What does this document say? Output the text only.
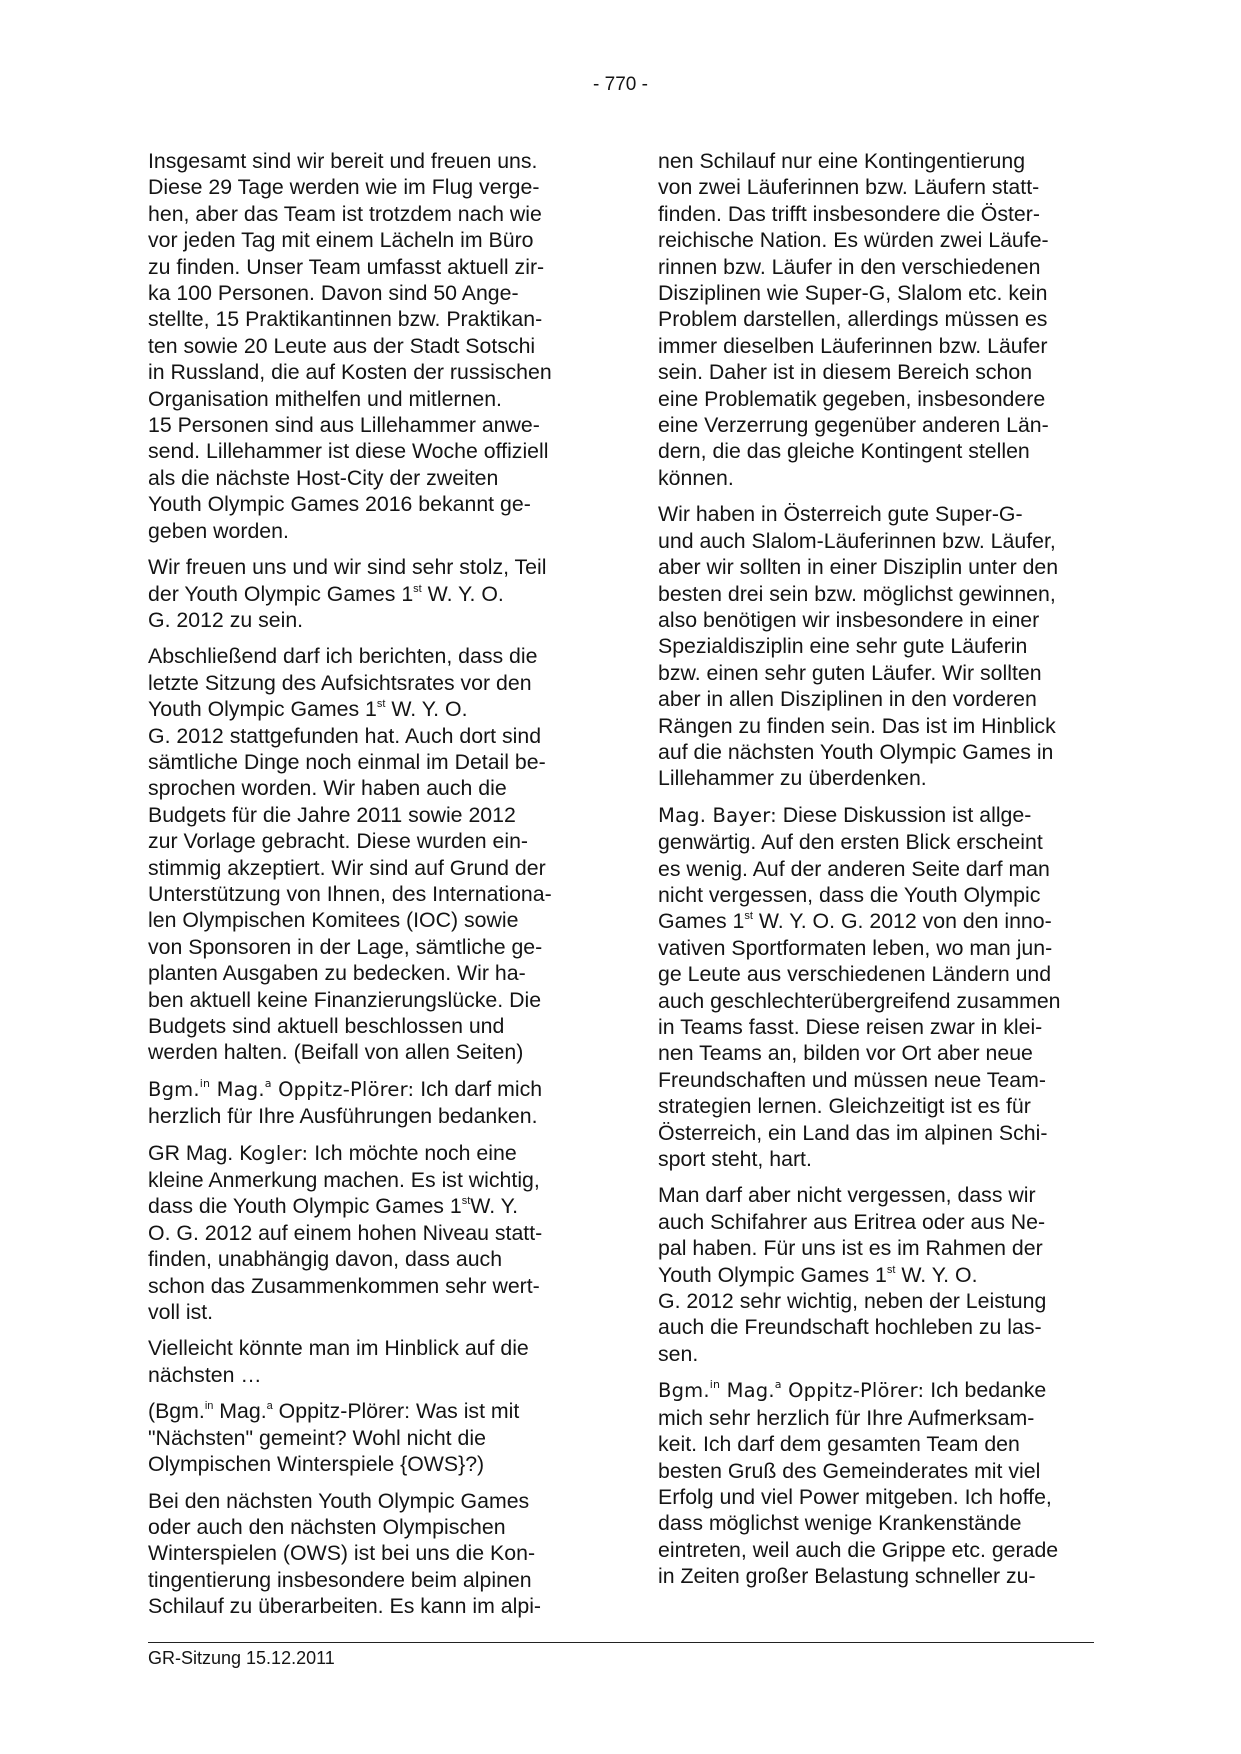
- 770 -

Insgesamt sind wir bereit und freuen uns.
Diese 29 Tage werden wie im Flug verge-
hen, aber das Team ist trotzdem nach wie
vor jeden Tag mit einem Lächeln im Büro
zu finden. Unser Team umfasst aktuell zir-
ka 100 Personen. Davon sind 50 Ange-
stellte, 15 Praktikantinnen bzw. Praktikan-
ten sowie 20 Leute aus der Stadt Sotschi
in Russland, die auf Kosten der russischen
Organisation mithelfen und mitlernen.
15 Personen sind aus Lillehammer anwe-
send. Lillehammer ist diese Woche offiziell
als die nächste Host-City der zweiten
Youth Olympic Games 2016 bekannt ge-
geben worden.

Wir freuen uns und wir sind sehr stolz, Teil
der Youth Olympic Games 1st W. Y. O.
G. 2012 zu sein.

Abschließend darf ich berichten, dass die
letzte Sitzung des Aufsichtsrates vor den
Youth Olympic Games 1st W. Y. O.
G. 2012 stattgefunden hat. Auch dort sind
sämtliche Dinge noch einmal im Detail be-
sprochen worden. Wir haben auch die
Budgets für die Jahre 2011 sowie 2012
zur Vorlage gebracht. Diese wurden ein-
stimmig akzeptiert. Wir sind auf Grund der
Unterstützung von Ihnen, des Internationa-
len Olympischen Komitees (IOC) sowie
von Sponsoren in der Lage, sämtliche ge-
planten Ausgaben zu bedecken. Wir ha-
ben aktuell keine Finanzierungslücke. Die
Budgets sind aktuell beschlossen und
werden halten. (Beifall von allen Seiten)

Bgm.$^{in}$ Mag.$^a$ Oppitz-Plörer: Ich darf mich
herzlich für Ihre Ausführungen bedanken.

GR Mag. Kogler: Ich möchte noch eine
kleine Anmerkung machen. Es ist wichtig,
dass die Youth Olympic Games 1stW. Y.
O. G. 2012 auf einem hohen Niveau statt-
finden, unabhängig davon, dass auch
schon das Zusammenkommen sehr wert-
voll ist.

Vielleicht könnte man im Hinblick auf die
nächsten …

(Bgm.$^{in}$ Mag.$^a$ Oppitz-Plörer: Was ist mit
"Nächsten" gemeint? Wohl nicht die
Olympischen Winterspiele {OWS}?)

Bei den nächsten Youth Olympic Games
oder auch den nächsten Olympischen
Winterspielen (OWS) ist bei uns die Kon-
tingentierung insbesondere beim alpinen
Schilauf zu überarbeiten. Es kann im alpi-

nen Schilauf nur eine Kontingentierung
von zwei Läuferinnen bzw. Läufern statt-
finden. Das trifft insbesondere die Öster-
reichische Nation. Es würden zwei Läufe-
rinnen bzw. Läufer in den verschiedenen
Disziplinen wie Super-G, Slalom etc. kein
Problem darstellen, allerdings müssen es
immer dieselben Läuferinnen bzw. Läufer
sein. Daher ist in diesem Bereich schon
eine Problematik gegeben, insbesondere
eine Verzerrung gegenüber anderen Län-
dern, die das gleiche Kontingent stellen
können.

Wir haben in Österreich gute Super-G-
und auch Slalom-Läuferinnen bzw. Läufer,
aber wir sollten in einer Disziplin unter den
besten drei sein bzw. möglichst gewinnen,
also benötigen wir insbesondere in einer
Spezialdisziplin eine sehr gute Läuferin
bzw. einen sehr guten Läufer. Wir sollten
aber in allen Disziplinen in den vorderen
Rängen zu finden sein. Das ist im Hinblick
auf die nächsten Youth Olympic Games in
Lillehammer zu überdenken.

Mag. Bayer: Diese Diskussion ist allge-
genwärtig. Auf den ersten Blick erscheint
es wenig. Auf der anderen Seite darf man
nicht vergessen, dass die Youth Olympic
Games 1st W. Y. O. G. 2012 von den inno-
vativen Sportformaten leben, wo man jun-
ge Leute aus verschiedenen Ländern und
auch geschlechterübergreifend zusammen
in Teams fasst. Diese reisen zwar in klei-
nen Teams an, bilden vor Ort aber neue
Freundschaften und müssen neue Team-
strategien lernen. Gleichzeitigt ist es für
Österreich, ein Land das im alpinen Schi-
sport steht, hart.

Man darf aber nicht vergessen, dass wir
auch Schifahrer aus Eritrea oder aus Ne-
pal haben. Für uns ist es im Rahmen der
Youth Olympic Games 1st W. Y. O.
G. 2012 sehr wichtig, neben der Leistung
auch die Freundschaft hochleben zu las-
sen.

Bgm.$^{in}$ Mag.$^a$ Oppitz-Plörer: Ich bedanke
mich sehr herzlich für Ihre Aufmerksam-
keit. Ich darf dem gesamten Team den
besten Gruß des Gemeinderates mit viel
Erfolg und viel Power mitgeben. Ich hoffe,
dass möglichst wenige Krankenstände
eintreten, weil auch die Grippe etc. gerade
in Zeiten großer Belastung schneller zu-

GR-Sitzung 15.12.2011
